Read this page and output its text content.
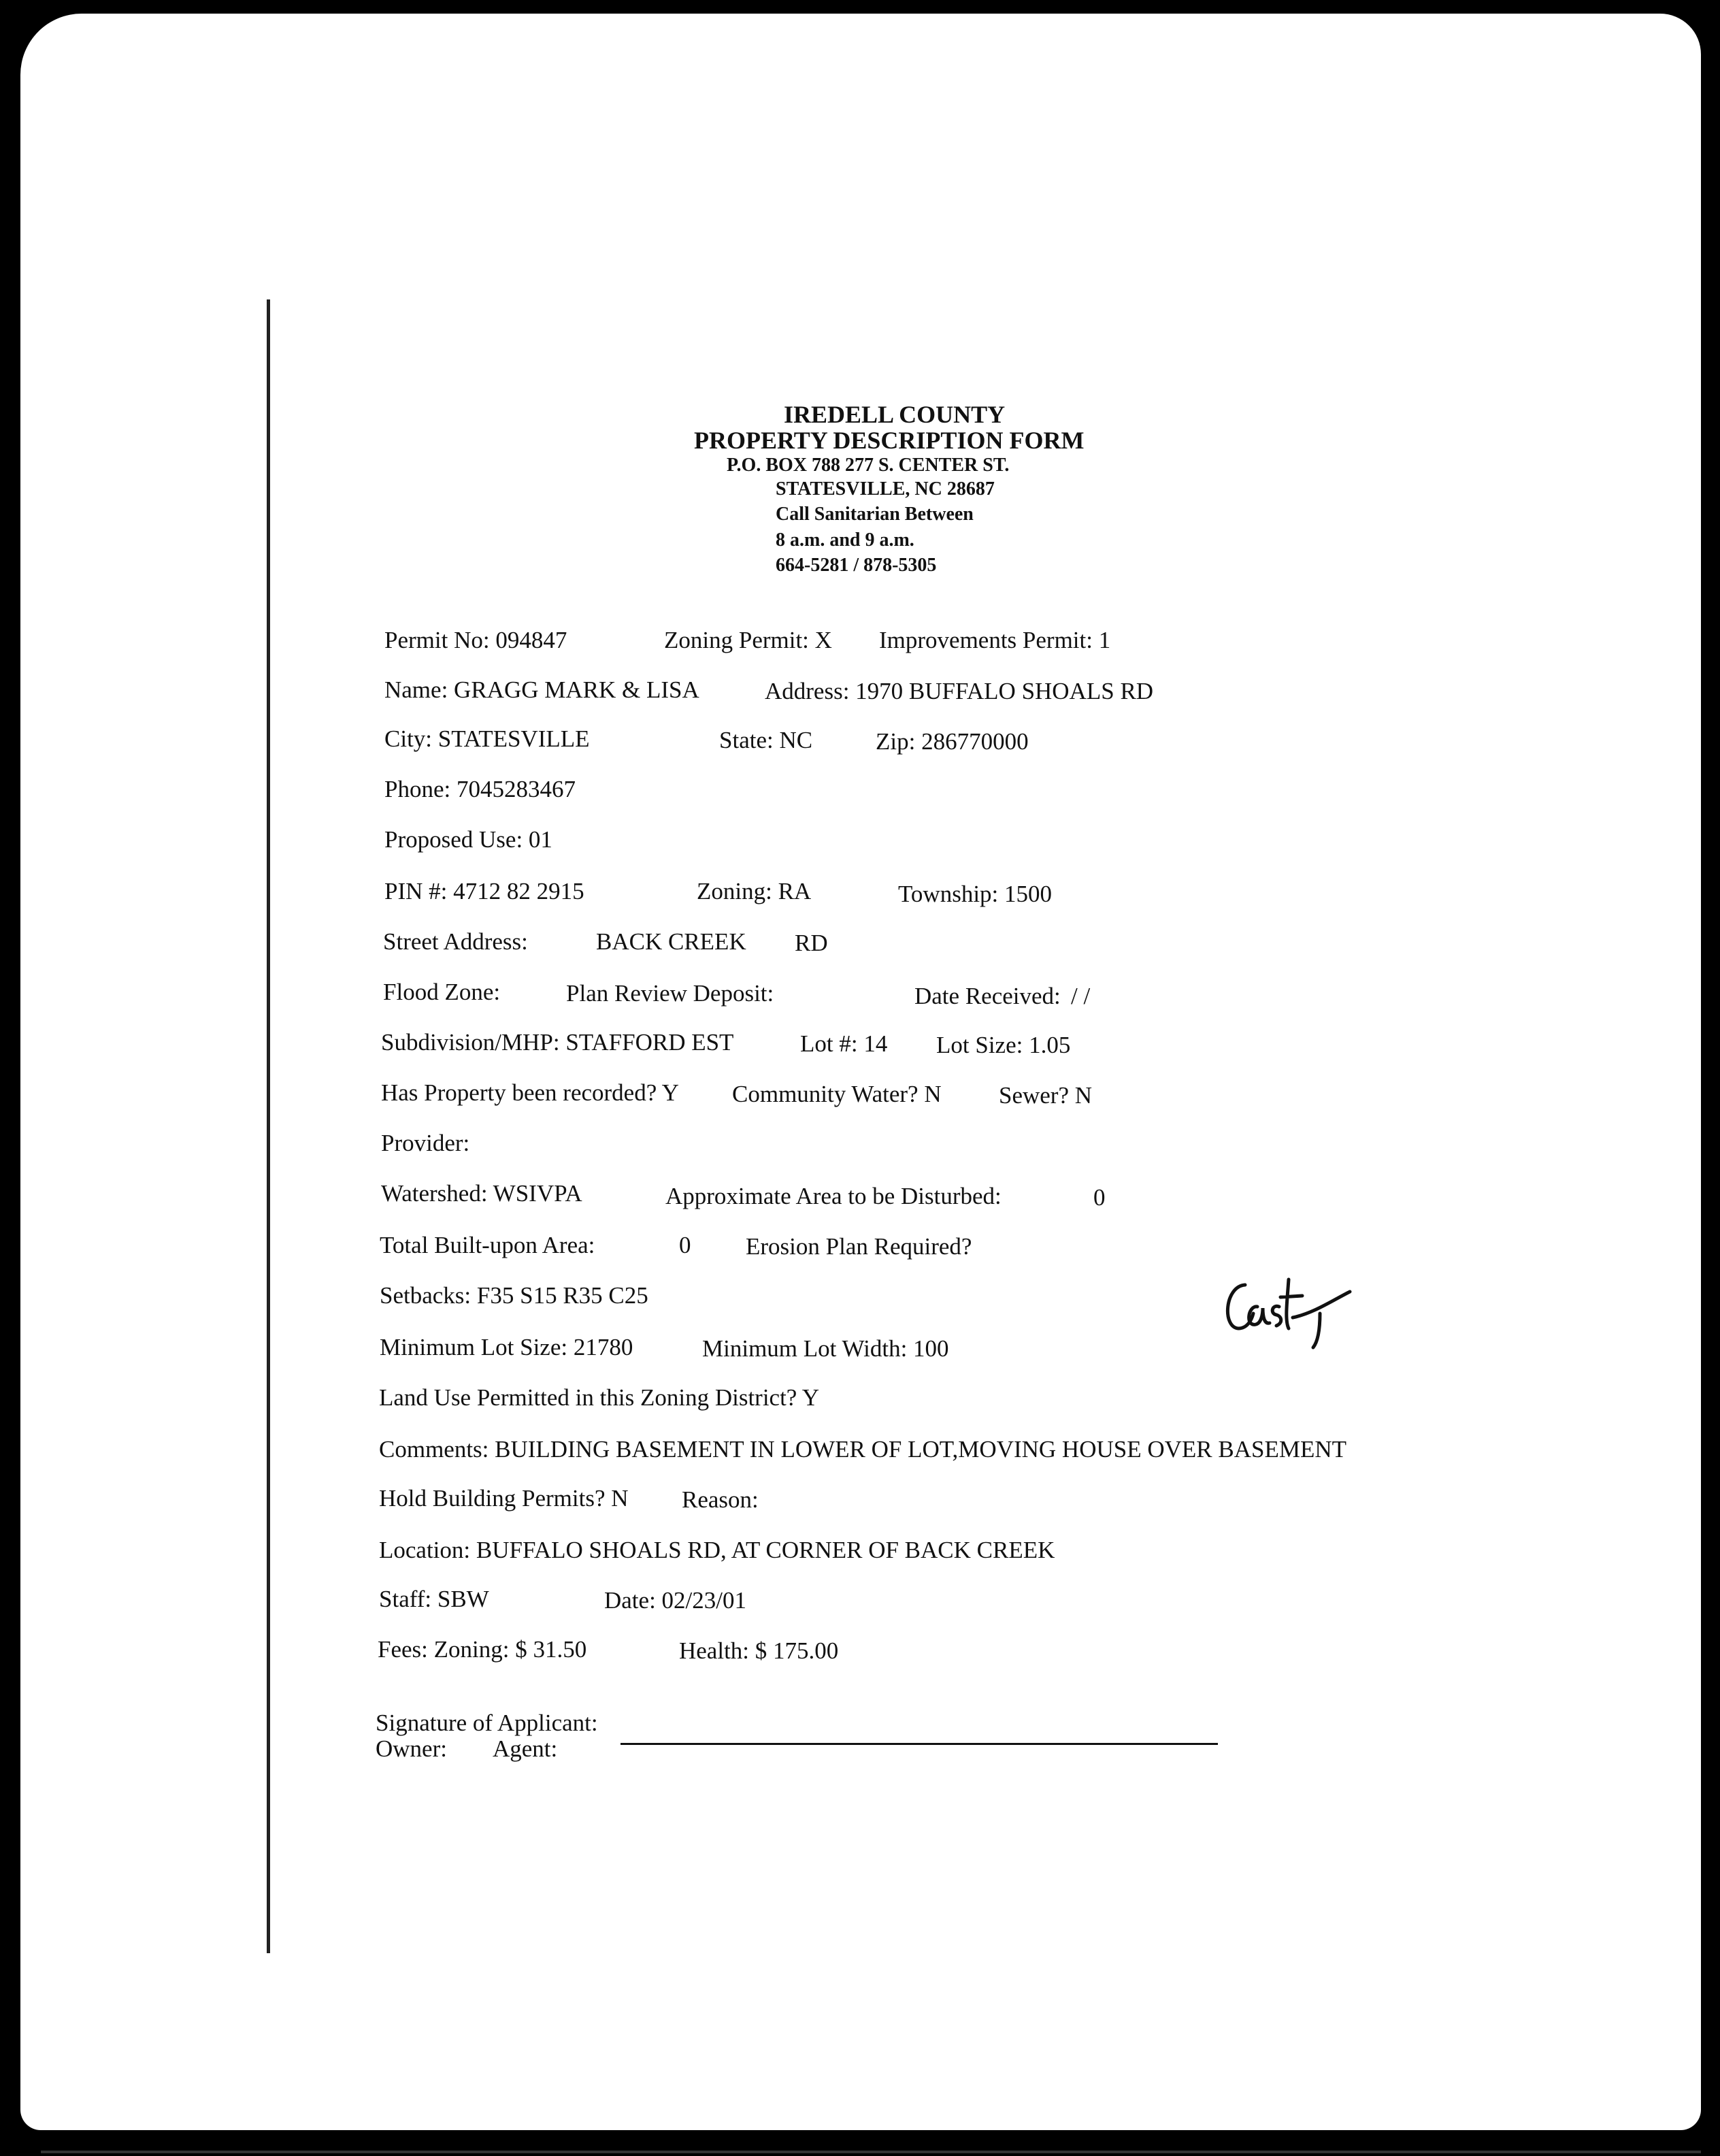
IREDELL COUNTY
PROPERTY DESCRIPTION FORM
P.O. BOX 788 277 S. CENTER ST.
STATESVILLE, NC 28687
Call Sanitarian Between
8 a.m. and 9 a.m.
664-5281 / 878-5305
Permit No: 094847	Zoning Permit: X Improvements Permit: 1
Name: GRAGG MARK & LISA	Address: 1970 BUFFALO SHOALS RD
City: STATESVILLE	State: NC	Zip: 286770000
Phone: 7045283467
Proposed Use: 01
PIN #: 4712 82 2915	Zoning: RA	Township: 1500
Street Address:	BACK CREEK RD
Flood Zone:	Plan Review Deposit:	Date Received: / /
Subdivision/MHP: STAFFORD EST	Lot #: 14 Lot Size: 1.05
Has Property been recorded? Y Community Water? N Sewer? N
Provider:
Watershed: WSIVPA	Approximate Area to be Disturbed:	0
Total Built-upon Area:	0 Erosion Plan Required?
Setbacks: F35 S15 R35 C25
Minimum Lot Size: 21780	Minimum Lot Width: 100
Land Use Permitted in this Zoning District? Y
Comments: BUILDING BASEMENT IN LOWER OF LOT,MOVING HOUSE OVER BASEMENT
Hold Building Permits? N Reason:
Location: BUFFALO SHOALS RD, AT CORNER OF BACK CREEK
Staff: SBW	Date: 02/23/01
Fees: Zoning: $ 31.50	Health: $ 175.00
Signature of Applicant:
Owner: Agent:
